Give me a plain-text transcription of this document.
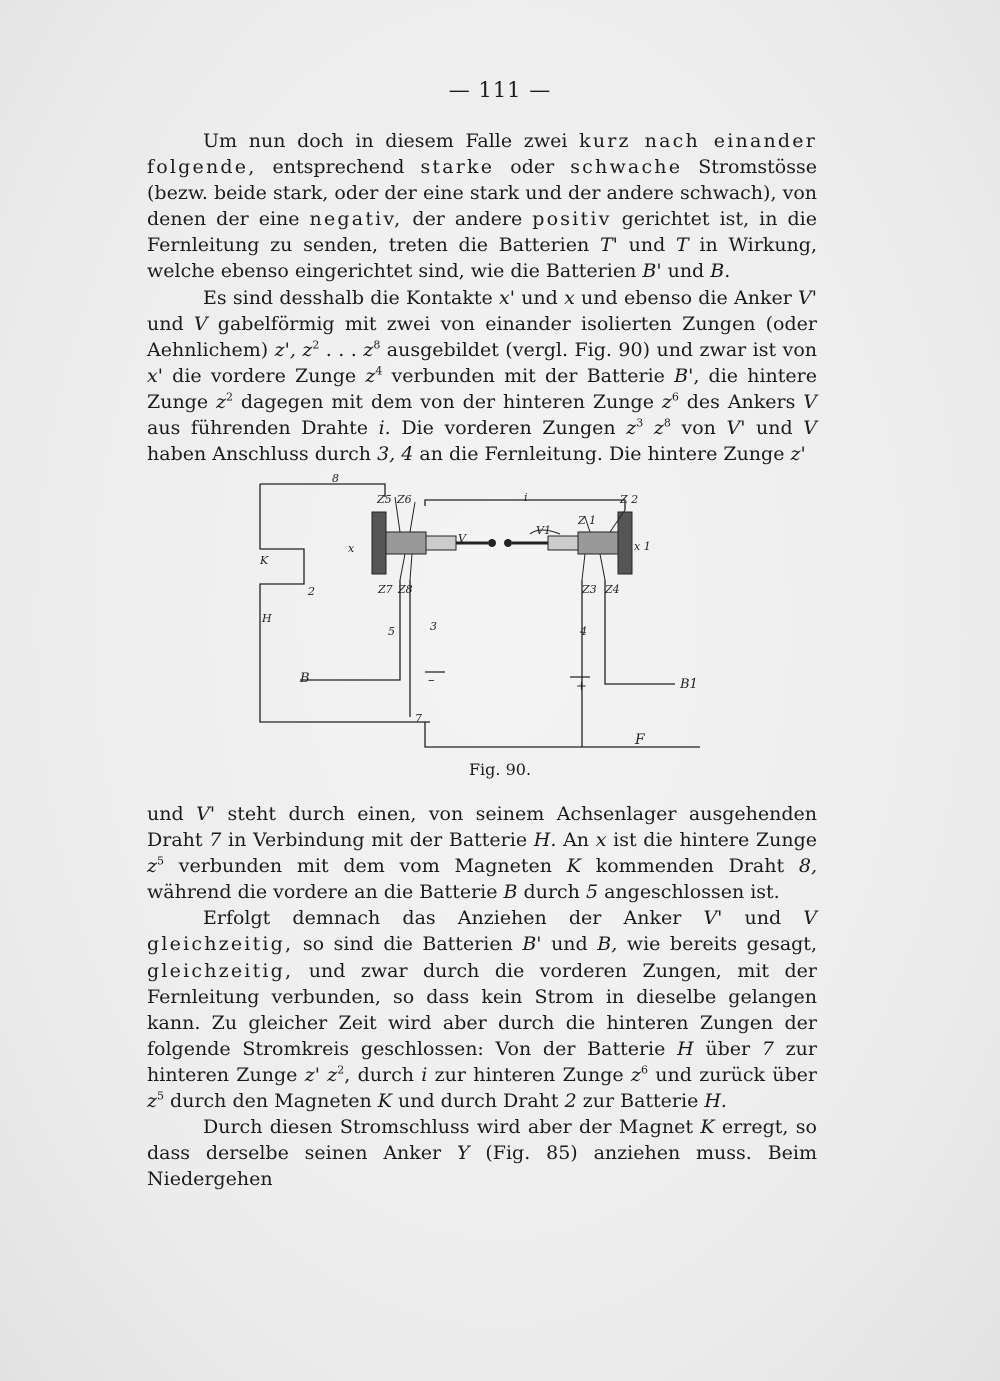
— 111 —

Um nun doch in diesem Falle zwei kurz nach einander folgende, entsprechend starke oder schwache Stromstösse (bezw. beide stark, oder der eine stark und der andere schwach), von denen der eine negativ, der andere positiv gerichtet ist, in die Fernleitung zu senden, treten die Batterien T' und T in Wirkung, welche ebenso eingerichtet sind, wie die Batterien B' und B.

Es sind desshalb die Kontakte x' und x und ebenso die Anker V' und V gabelförmig mit zwei von einander isolierten Zungen (oder Aehnlichem) z', $z^2$ . . . $z^8$ ausgebildet (vergl. Fig. 90) und zwar ist von x' die vordere Zunge $z^4$ verbunden mit der Batterie B', die hintere Zunge $z^2$ dagegen mit dem von der hinteren Zunge $z^6$ des Ankers V aus führenden Drahte i. Die vorderen Zungen $z^3$ $z^8$ von V' und V haben Anschluss durch 3, 4 an die Fernleitung. Die hintere Zunge z'

8
Z5 Z6	i	Z 2
Z 1
K
x
V
V1
x 1
2	Z7 Z8	Z3 Z4
H
5	3	4
B	–	+	B1
7
F
Fig. 90.

und V' steht durch einen, von seinem Achsenlager ausgehenden Draht 7 in Verbindung mit der Batterie H. An x ist die hintere Zunge $z^5$ verbunden mit dem vom Magneten K kommenden Draht 8, während die vordere an die Batterie B durch 5 angeschlossen ist.

Erfolgt demnach das Anziehen der Anker V' und V gleichzeitig, so sind die Batterien B' und B, wie bereits gesagt, gleichzeitig, und zwar durch die vorderen Zungen, mit der Fernleitung verbunden, so dass kein Strom in dieselbe gelangen kann. Zu gleicher Zeit wird aber durch die hinteren Zungen der folgende Stromkreis geschlossen: Von der Batterie H über 7 zur hinteren Zunge z' $z^2$, durch i zur hinteren Zunge $z^6$ und zurück über $z^5$ durch den Magneten K und durch Draht 2 zur Batterie H.

Durch diesen Stromschluss wird aber der Magnet K erregt, so dass derselbe seinen Anker Y (Fig. 85) anziehen muss. Beim Niedergehen
